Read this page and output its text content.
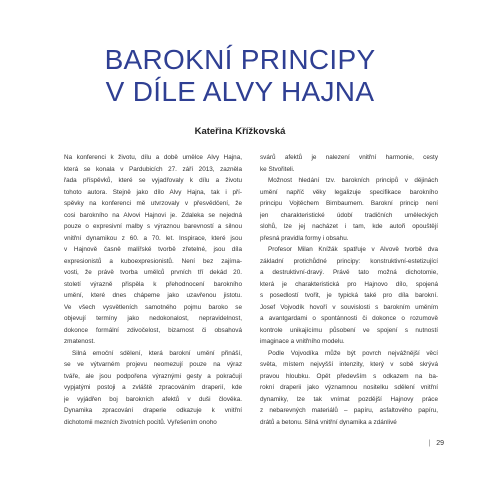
BAROKNÍ PRINCIPY
V DÍLE ALVY HAJNA
Kateřina Křížkovská
Na konferenci k životu, dílu a době umělce Alvy Hajna,
která se konala v Pardubicích 27. září 2013, zazněla
řada příspěvků, které se vyjadřovaly k dílu a životu
tohoto autora. Stejně jako dílo Alvy Hajna, tak i pří-
spěvky na konferenci mě utvrzovaly v přesvědčení, že
cosi barokního na Alvovi Hajnovi je. Zdaleka se nejedná
pouze o expresivní malby s výraznou barevností a silnou
vnitřní dynamikou z 60. a 70. let. Inspirace, které jsou
v Hajnově časně malířské tvorbě zřetelné, jsou díla
expresionistů a kuboexpresionistů. Není bez zajíma-
vosti, že právě tvorba umělců prvních tří dekád 20.
století výrazně přispěla k přehodnocení barokního
umění, které dnes chápeme jako uzavřenou jistotu.
Ve všech vysvětleních samotného pojmu baroko se
objevují termíny jako nedokonalost, nepravidelnost,
dokonce formální zdivočelost, bizarnost či obsahová
zmatenost.
Silná emoční sdělení, která barokní umění přináší,
se ve výtvarném projevu neomezují pouze na výraz
tváře, ale jsou podpořena výraznými gesty a pokračují
vypjatými postoji a zvláště zpracováním draperií, kde
je vyjádřen boj barokních afektů v duši člověka.
Dynamika zpracování draperie odkazuje k vnitřní
dichotomii mezních životních pocitů. Vyřešením onoho
svárů afektů je nalezení vnitřní harmonie, cesty
ke Stvořiteli.
Možnost hledání tzv. barokních principů v dějinách
umění napříč věky legalizuje specifikace barokního
principu Vojtěchem Birnbaumem. Barokní princip není
jen charakteristické údobí tradičních uměleckých
slohů, lze jej nacházet i tam, kde autoři opouštějí
přesná pravidla formy i obsahu.
Profesor Milan Knížák spatřuje v Alvově tvorbě dva
základní protichůdné principy: konstruktivní-estetizující
a destruktivní-dravý. Právě tato možná dichotomie,
která je charakteristická pro Hajnovo dílo, spojená
s posedlostí tvořit, je typická také pro díla barokní.
Josef Vojvodík hovoří v souvislosti s barokním uměním
a avantgardami o spontánnosti či dokonce o rozumově
kontrole unikajícímu působení ve spojení s nutností
imaginace a vnitřního modelu.
Podle Vojvodíka může být povrch nejvážnější věcí
světa, místem nejvyšší intenzity, který v sobě skrývá
pravou hloubku. Opět především s odkazem na ba-
rokní draperii jako významnou nositelku sdělení vnitřní
dynamiky, lze tak vnímat pozdější Hajnovy práce
z nebarevných materiálů – papíru, asfaltového papíru,
drátů a betonu. Silná vnitřní dynamika a zdánlivé
| 29
